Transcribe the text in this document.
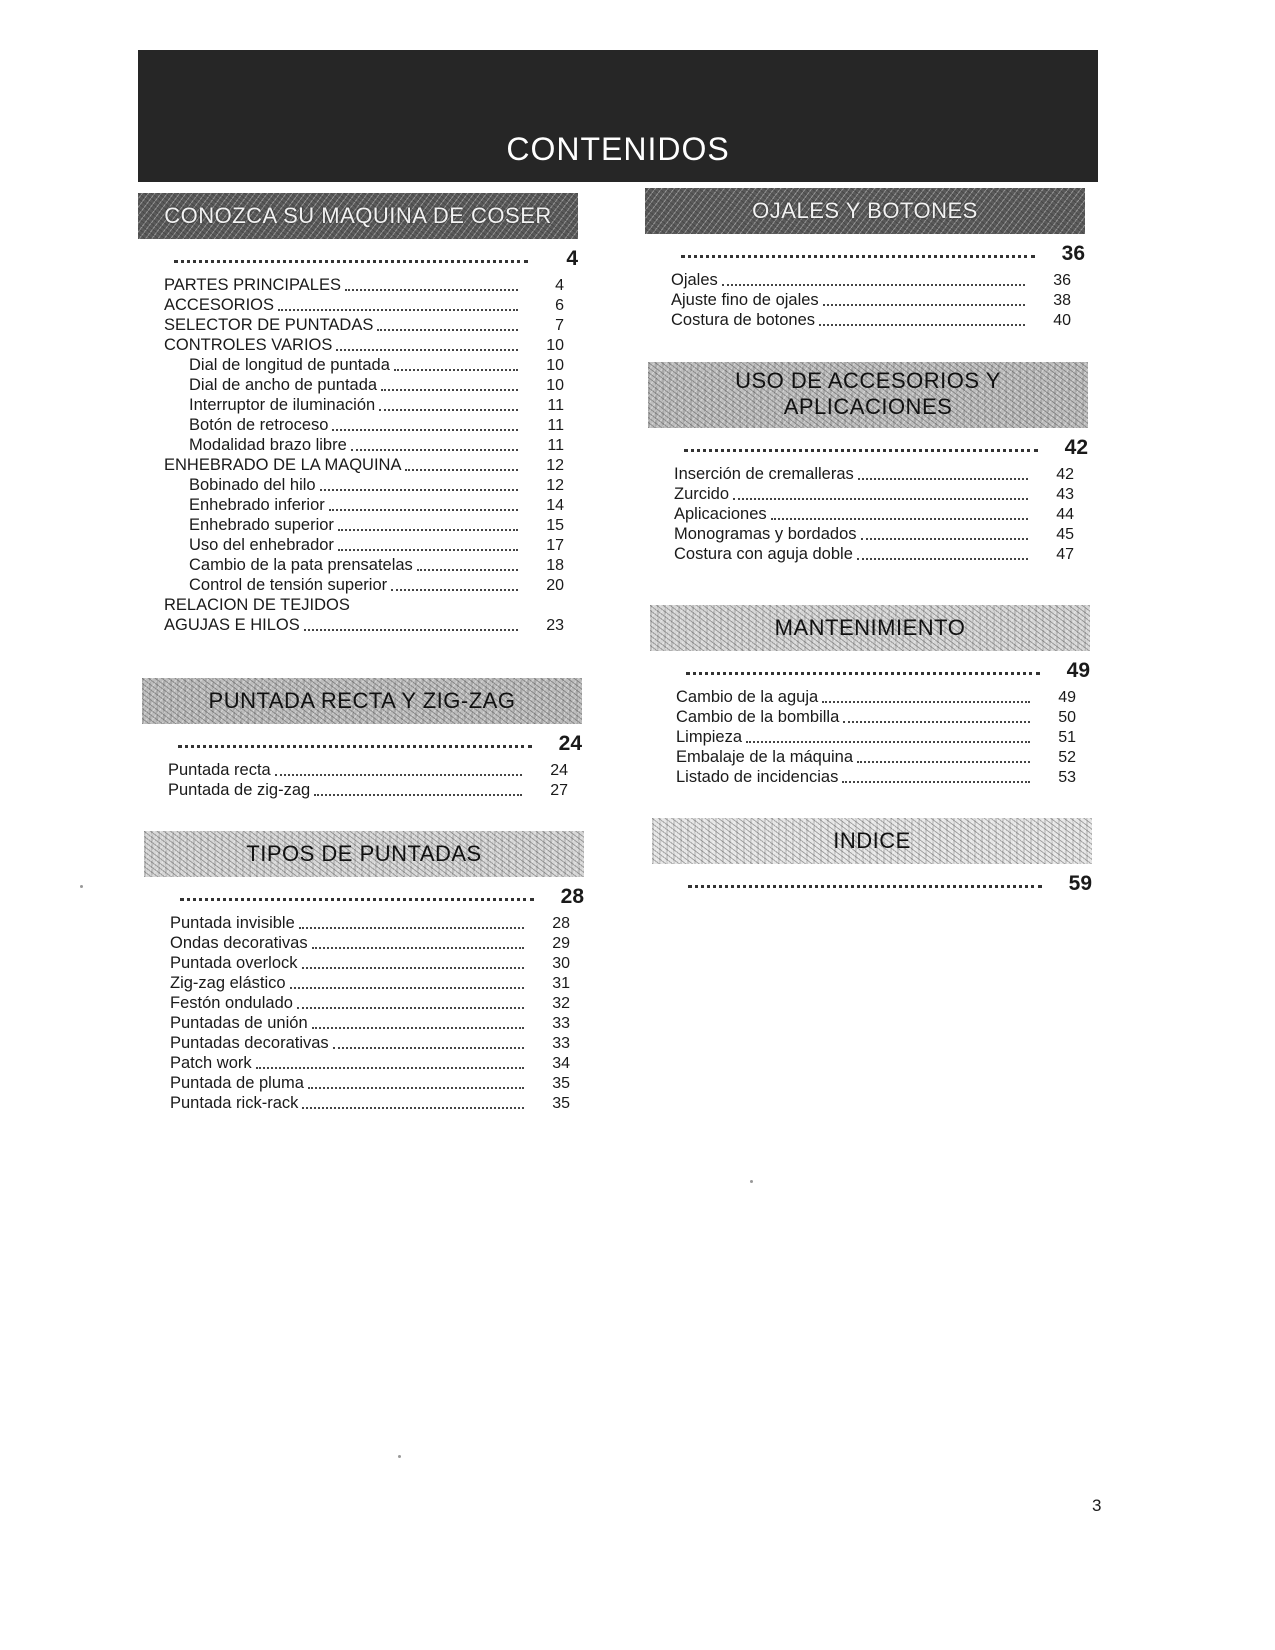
CONTENIDOS
CONOZCA SU MAQUINA DE COSER
4
PARTES PRINCIPALES	4
ACCESORIOS	6
SELECTOR DE PUNTADAS	7
CONTROLES VARIOS	10
Dial de longitud de puntada	10
Dial de ancho de puntada	10
Interruptor de iluminación	11
Botón de retroceso	11
Modalidad brazo libre	11
ENHEBRADO DE LA MAQUINA	12
Bobinado del hilo	12
Enhebrado inferior	14
Enhebrado superior	15
Uso del enhebrador	17
Cambio de la pata prensatelas	18
Control de tensión superior	20
RELACION DE TEJIDOS
AGUJAS E HILOS	23
PUNTADA RECTA Y ZIG-ZAG
24
Puntada recta	24
Puntada de zig-zag	27
TIPOS DE PUNTADAS
28
Puntada invisible	28
Ondas decorativas	29
Puntada overlock	30
Zig-zag elástico	31
Festón ondulado	32
Puntadas de unión	33
Puntadas decorativas	33
Patch work	34
Puntada de pluma	35
Puntada rick-rack	35
OJALES Y BOTONES
36
Ojales	36
Ajuste fino de ojales	38
Costura de botones	40
USO DE ACCESORIOS Y
APLICACIONES
42
Inserción de cremalleras	42
Zurcido	43
Aplicaciones	44
Monogramas y bordados	45
Costura con aguja doble	47
MANTENIMIENTO
49
Cambio de la aguja	49
Cambio de la bombilla	50
Limpieza	51
Embalaje de la máquina	52
Listado de incidencias	53
INDICE
59
3
